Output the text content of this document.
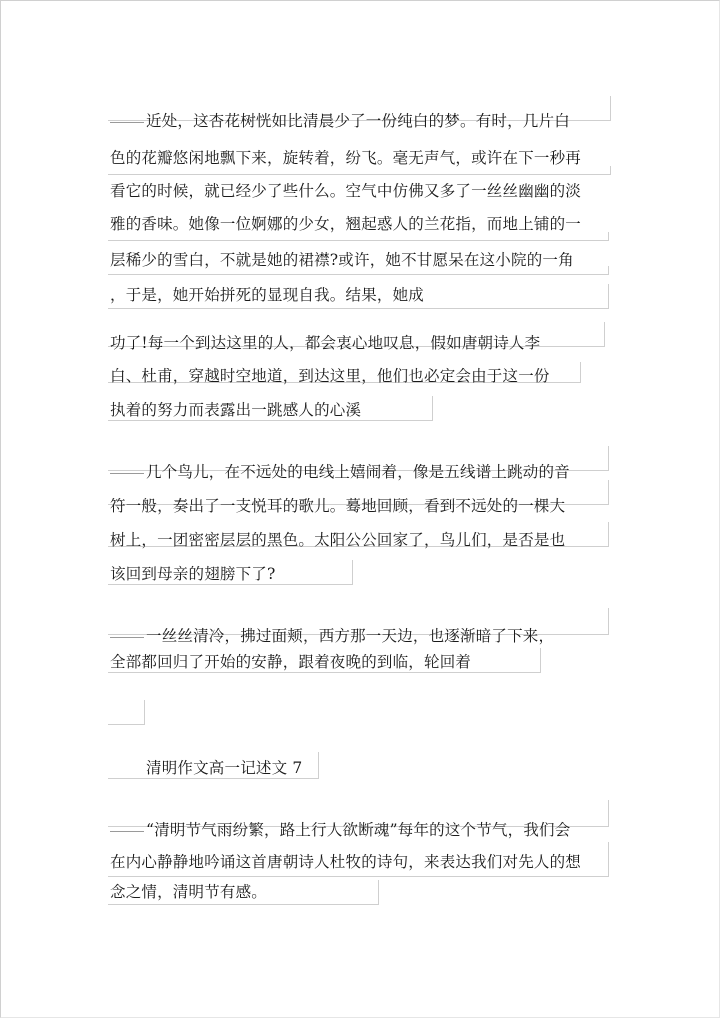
近处，这杏花树恍如比清晨少了一份纯白的梦。有时，几片白
色的花瓣悠闲地飘下来，旋转着，纷飞。毫无声气，或许在下一秒再
看它的时候，就已经少了些什么。空气中仿佛又多了一丝丝幽幽的淡
雅的香味。她像一位婀娜的少女，翘起惑人的兰花指，而地上铺的一
层稀少的雪白，不就是她的裙襟?或许，她不甘愿呆在这小院的一角
，于是，她开始拼死的显现自我。结果，她成
功了!每一个到达这里的人，都会衷心地叹息，假如唐朝诗人李
白、杜甫，穿越时空地道，到达这里，他们也必定会由于这一份
执着的努力而表露出一跳感人的心溪
几个鸟儿，在不远处的电线上嬉闹着，像是五线谱上跳动的音
符一般，奏出了一支悦耳的歌儿。蓦地回顾，看到不远处的一棵大
树上，一团密密层层的黑色。太阳公公回家了，鸟儿们，是否是也
该回到母亲的翅膀下了?
一丝丝清冷，拂过面颊，西方那一天边，也逐渐暗了下来，
全部都回归了开始的安静，跟着夜晚的到临，轮回着
清明作文高一记述文 7
“清明节气雨纷繁，路上行人欲断魂”每年的这个节气，我们会
在内心静静地吟诵这首唐朝诗人杜牧的诗句，来表达我们对先人的想
念之情，清明节有感。
